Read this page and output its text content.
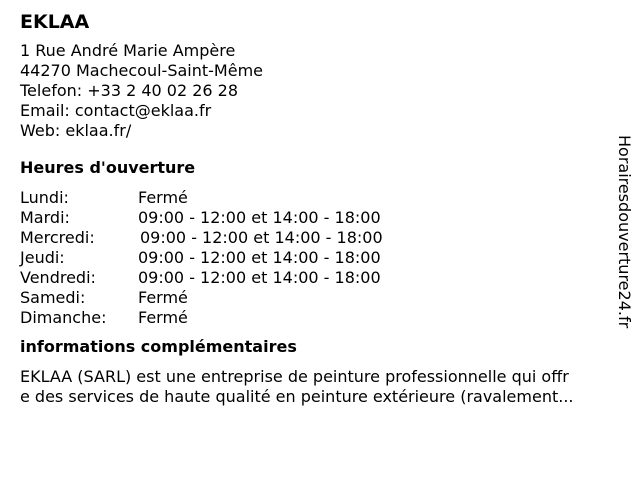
EKLAA
1 Rue André Marie Ampère
44270 Machecoul-Saint-Même
Telefon: +33 2 40 02 26 28
Email: contact@eklaa.fr
Web: eklaa.fr/
Heures d'ouverture
Lundi:	Fermé
Mardi:	09:00 - 12:00 et 14:00 - 18:00
Mercredi:	09:00 - 12:00 et 14:00 - 18:00
Jeudi:	09:00 - 12:00 et 14:00 - 18:00
Vendredi:	09:00 - 12:00 et 14:00 - 18:00
Samedi:	Fermé
Dimanche: Fermé
informations complémentaires
EKLAA (SARL) est une entreprise de peinture professionnelle qui offr
e des services de haute qualité en peinture extérieure (ravalement...
Horairesdouverture24.fr
